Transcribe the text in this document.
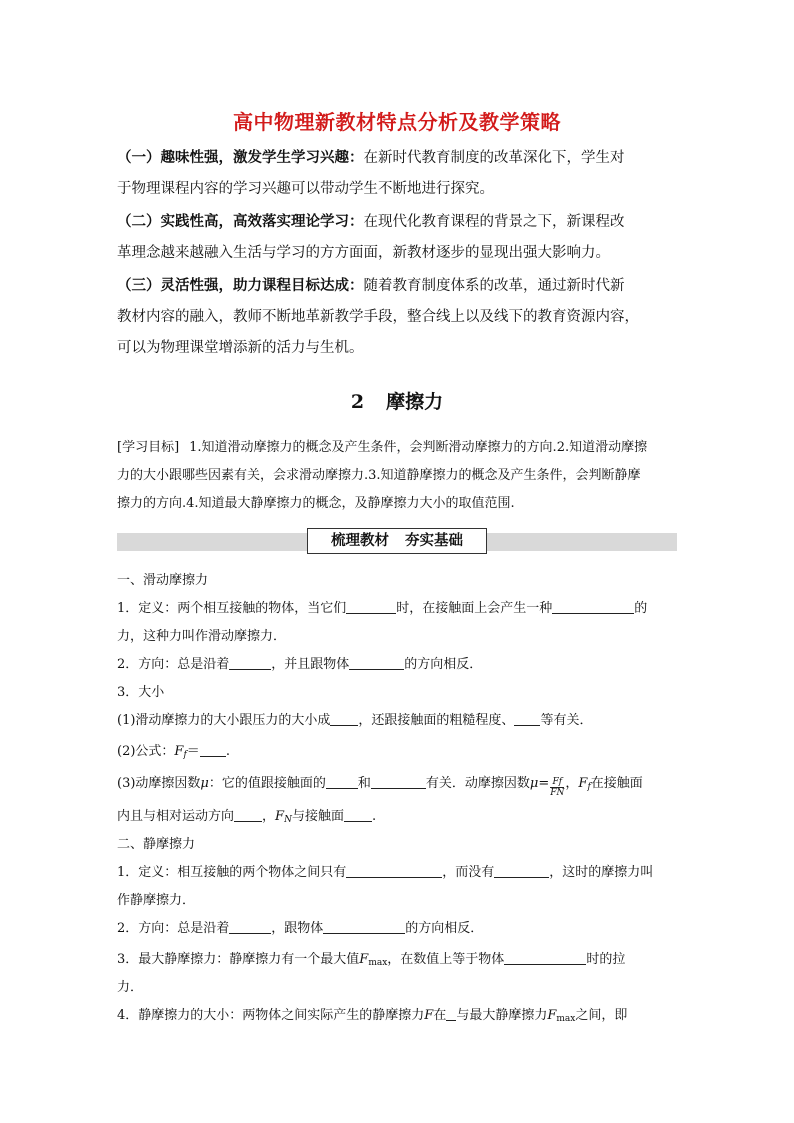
高中物理新教材特点分析及教学策略

（一）趣味性强，激发学生学习兴趣：在新时代教育制度的改革深化下，学生对

于物理课程内容的学习兴趣可以带动学生不断地进行探究。

（二）实践性高，高效落实理论学习：在现代化教育课程的背景之下，新课程改

革理念越来越融入生活与学习的方方面面，新教材逐步的显现出强大影响力。

（三）灵活性强，助力课程目标达成：随着教育制度体系的改革，通过新时代新

教材内容的融入，教师不断地革新教学手段，整合线上以及线下的教育资源内容，

可以为物理课堂增添新的活力与生机。

2 摩擦力
[学习目标] 1.知道滑动摩擦力的概念及产生条件，会判断滑动摩擦力的方向.2.知道滑动摩擦
力的大小跟哪些因素有关，会求滑动摩擦力.3.知道静摩擦力的概念及产生条件，会判断静摩
擦力的方向.4.知道最大静摩擦力的概念，及静摩擦力大小的取值范围.
梳理教材 夯实基础
一、滑动摩擦力
1．定义：两个相互接触的物体，当它们	时，在接触面上会产生一种	的
力，这种力叫作滑动摩擦力．
2．方向：总是沿着	，并且跟物体	的方向相反．
3．大小
(1)滑动摩擦力的大小跟压力的大小成 ，还跟接触面的粗糙程度、 等有关．
(2)公式：$F_f=$ .
(3)动摩擦因数μ：它的值跟接触面的 和	有关．动摩擦因数$\mu= \frac{Ff}{FN}$ ，$F_f$在接触面
内且与相对运动方向 ，$F_N$与接触面 .
二、静摩擦力
1．定义：相互接触的两个物体之间只有	，而没有	，这时的摩擦力叫
作静摩擦力．
2．方向：总是沿着	，跟物体	的方向相反．
3．最大静摩擦力：静摩擦力有一个最大值$F_{max}$，在数值上等于物体	时的拉
力．
4．静摩擦力的大小：两物体之间实际产生的静摩擦力F在 与最大静摩擦力$F_{max}$之间，即
